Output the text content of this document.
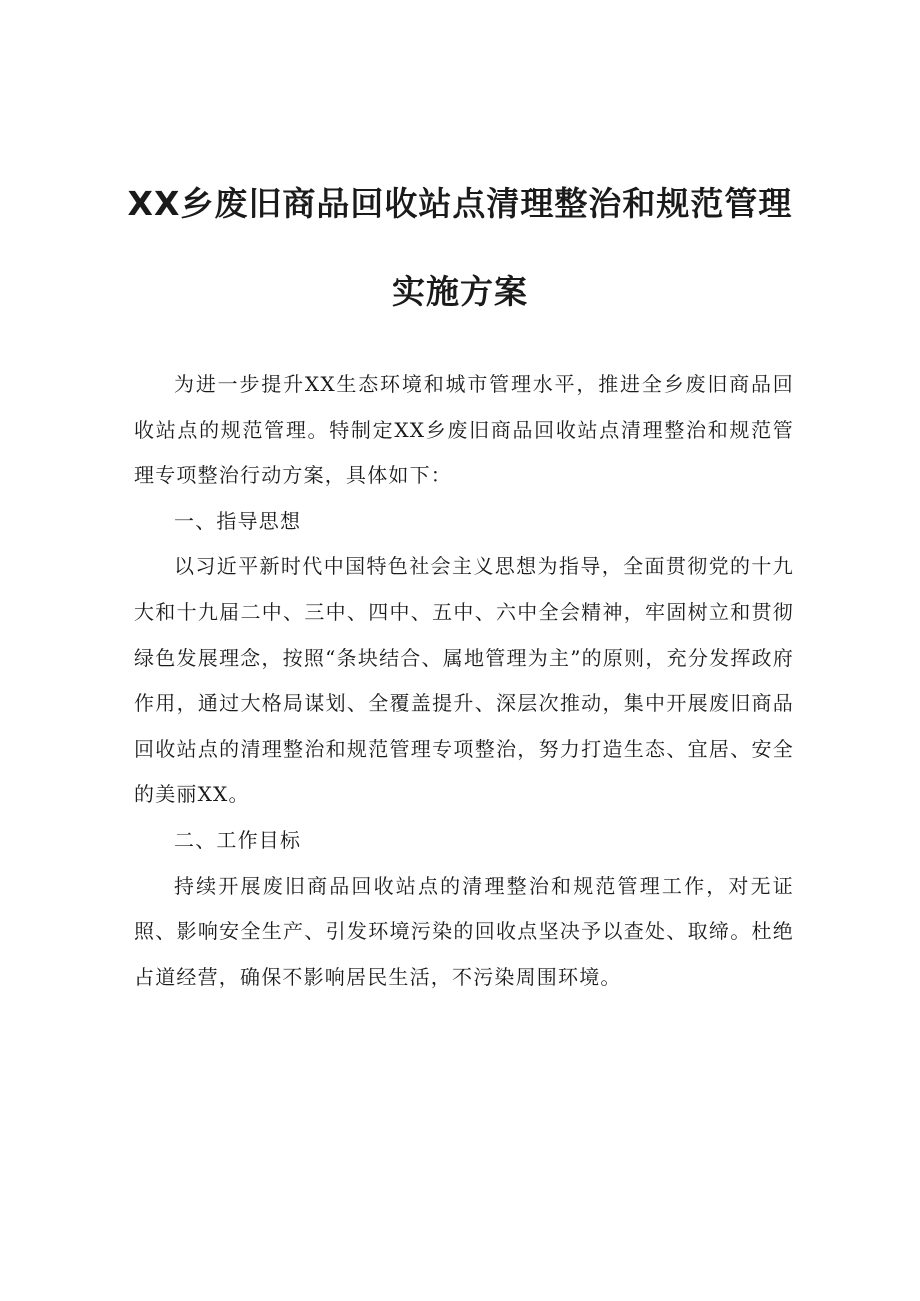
XX乡废旧商品回收站点清理整治和规范管理
实施方案

为进一步提升XX生态环境和城市管理水平，推进全乡废旧商品回收站点的规范管理。特制定XX乡废旧商品回收站点清理整治和规范管理专项整治行动方案，具体如下：

一、指导思想

以习近平新时代中国特色社会主义思想为指导，全面贯彻党的十九大和十九届二中、三中、四中、五中、六中全会精神，牢固树立和贯彻绿色发展理念，按照“条块结合、属地管理为主”的原则，充分发挥政府作用，通过大格局谋划、全覆盖提升、深层次推动，集中开展废旧商品回收站点的清理整治和规范管理专项整治，努力打造生态、宜居、安全的美丽XX。

二、工作目标

持续开展废旧商品回收站点的清理整治和规范管理工作，对无证照、影响安全生产、引发环境污染的回收点坚决予以查处、取缔。杜绝占道经营，确保不影响居民生活，不污染周围环境。
